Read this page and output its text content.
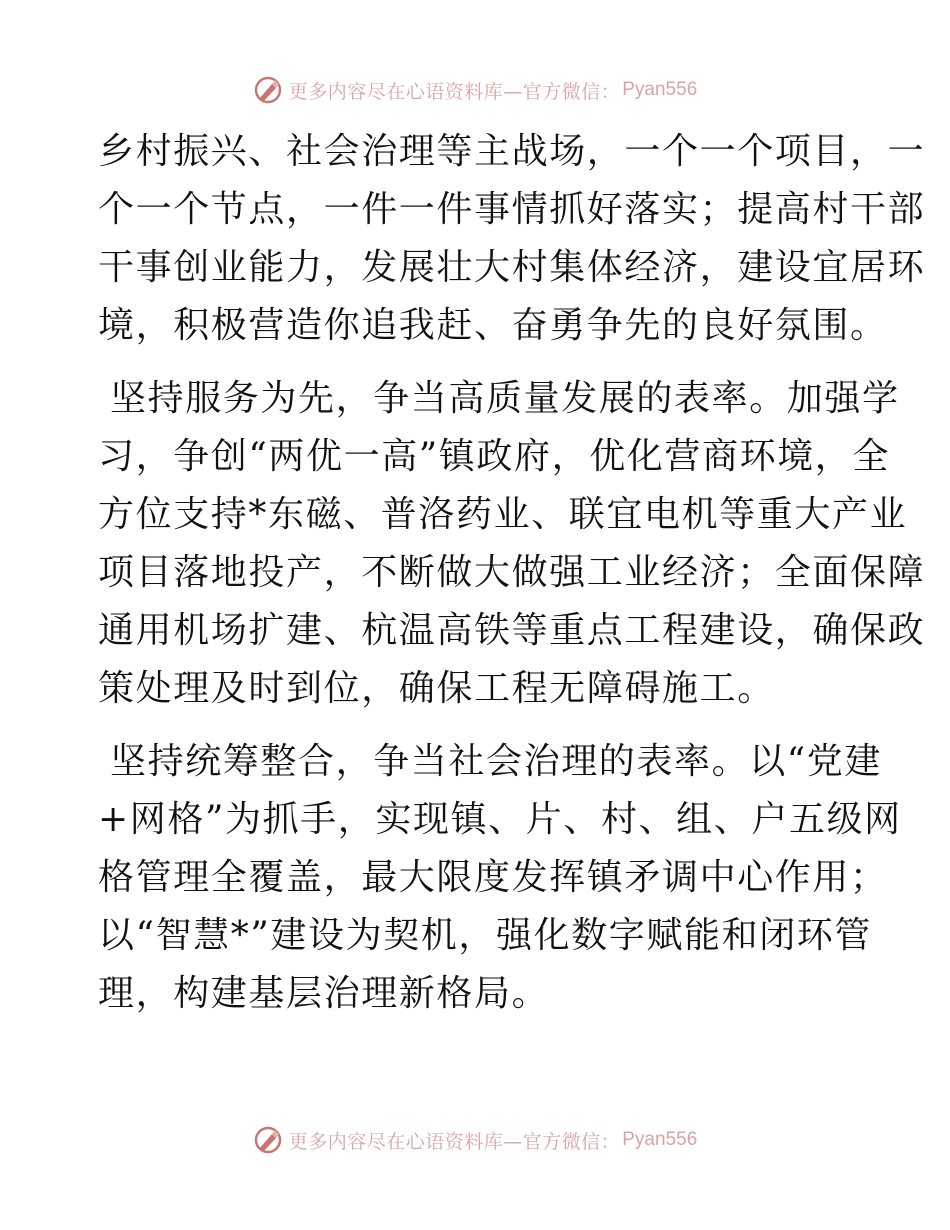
更多内容尽在心语资料库—官方微信： Pyan556

乡村振兴、社会治理等主战场，一个一个项目，一
个一个节点，一件一件事情抓好落实；提高村干部
干事创业能力，发展壮大村集体经济，建设宜居环
境，积极营造你追我赶、奋勇争先的良好氛围。

坚持服务为先，争当高质量发展的表率。加强学
习，争创“两优一高”镇政府，优化营商环境，全
方位支持*东磁、普洛药业、联宜电机等重大产业
项目落地投产，不断做大做强工业经济；全面保障
通用机场扩建、杭温高铁等重点工程建设，确保政
策处理及时到位，确保工程无障碍施工。

坚持统筹整合，争当社会治理的表率。以“党建
+网格”为抓手，实现镇、片、村、组、户五级网
格管理全覆盖，最大限度发挥镇矛调中心作用；
以“智慧*”建设为契机，强化数字赋能和闭环管
理，构建基层治理新格局。

更多内容尽在心语资料库—官方微信： Pyan556
